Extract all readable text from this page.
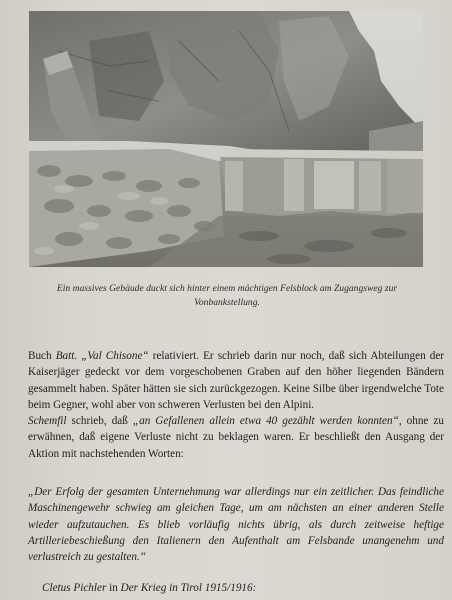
Ein massives Gebäude duckt sich hinter einem mächtigen Felsblock am Zugangsweg zur
Vonbankstellung.

Buch Batt. „Val Chisone“ relativiert. Er schrieb darin nur noch, daß sich Abteilungen der Kaiserjäger gedeckt vor dem vorgeschobenen Graben auf den höher liegenden Bändern gesammelt haben. Später hätten sie sich zurückgezogen. Keine Silbe über irgendwelche Tote beim Gegner, wohl aber von schweren Verlusten bei den Alpini.

Schemfil schrieb, daß „an Gefallenen allein etwa 40 gezählt werden konnten“, ohne zu erwähnen, daß eigene Verluste nicht zu beklagen waren. Er beschließt den Ausgang der Aktion mit nachstehenden Worten:

„Der Erfolg der gesamten Unternehmung war allerdings nur ein zeitlicher. Das feindliche Maschinengewehr schwieg am gleichen Tage, um am nächsten an einer anderen Stelle wieder aufzutauchen. Es blieb vorläufig nichts übrig, als durch zeitweise heftige Artilleriebeschießung den Italienern den Aufenthalt am Felsbande unangenehm und verlustreich zu gestalten.“

Cletus Pichler in Der Krieg in Tirol 1915/1916:
